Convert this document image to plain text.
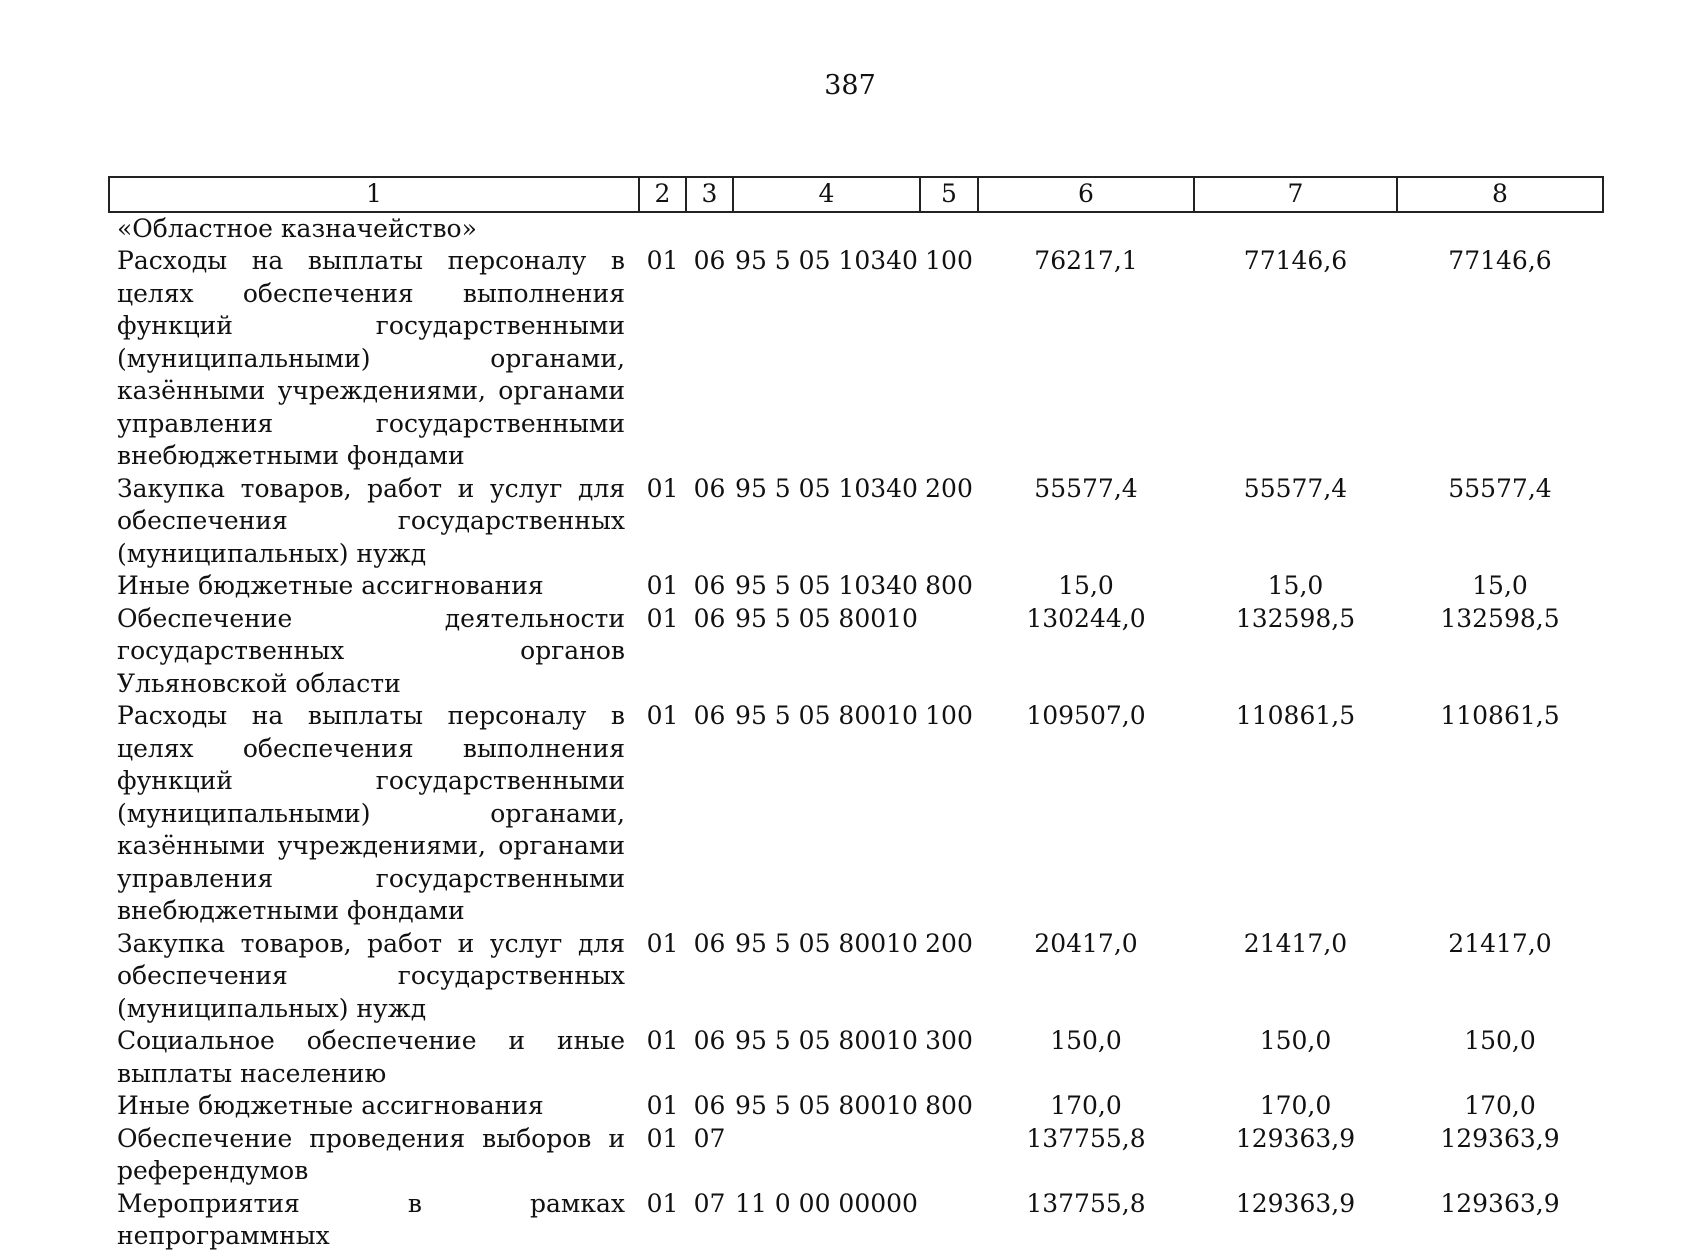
387
1	2	3	4	5	6	7	8
«Областное казначейство»							
Расходы на выплаты персоналу в целях обеспечения выполнения функций государственными (муниципальными) органами, казёнными учреждениями, органами управления государственными внебюджетными фондами	01	06	95 5 05 10340	100	76217,1	77146,6	77146,6
Закупка товаров, работ и услуг для обеспечения государственных (муниципальных) нужд	01	06	95 5 05 10340	200	55577,4	55577,4	55577,4
Иные бюджетные ассигнования	01	06	95 5 05 10340	800	15,0	15,0	15,0
Обеспечение деятельности государственных органов Ульяновской области	01	06	95 5 05 80010		130244,0	132598,5	132598,5
Расходы на выплаты персоналу в целях обеспечения выполнения функций государственными (муниципальными) органами, казёнными учреждениями, органами управления государственными внебюджетными фондами	01	06	95 5 05 80010	100	109507,0	110861,5	110861,5
Закупка товаров, работ и услуг для обеспечения государственных (муниципальных) нужд	01	06	95 5 05 80010	200	20417,0	21417,0	21417,0
Социальное обеспечение и иные выплаты населению	01	06	95 5 05 80010	300	150,0	150,0	150,0
Иные бюджетные ассигнования	01	06	95 5 05 80010	800	170,0	170,0	170,0
Обеспечение проведения выборов и референдумов	01	07			137755,8	129363,9	129363,9
Мероприятия в рамках непрограммных	01	07	11 0 00 00000		137755,8	129363,9	129363,9
